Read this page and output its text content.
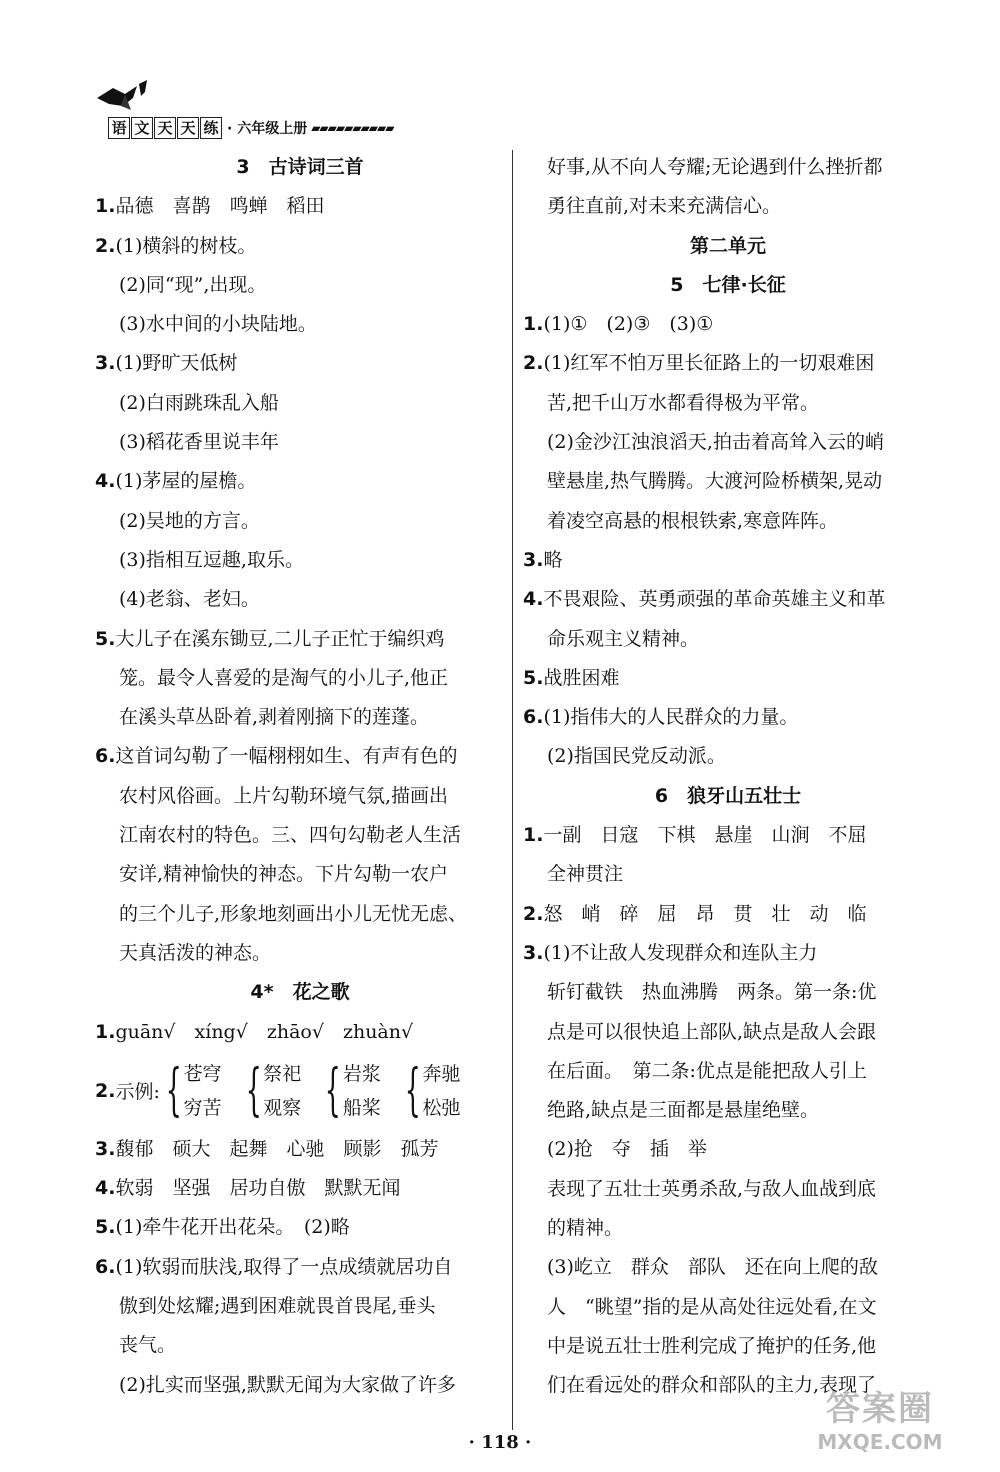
语 文 天 天 练 · 六年级上册 ▰▰▰▰▰▰▰▰▰▰
3　古诗词三首
1.品德　喜鹊　鸣蝉　稻田
2.(1)横斜的树枝。
(2)同“现”,出现。
(3)水中间的小块陆地。
3.(1)野旷天低树
(2)白雨跳珠乱入船
(3)稻花香里说丰年
4.(1)茅屋的屋檐。
(2)吴地的方言。
(3)指相互逗趣,取乐。
(4)老翁、老妇。
5.大儿子在溪东锄豆,二儿子正忙于编织鸡
笼。最令人喜爱的是淘气的小儿子,他正
在溪头草丛卧着,剥着刚摘下的莲蓬。
6.这首词勾勒了一幅栩栩如生、有声有色的
农村风俗画。上片勾勒环境气氛,描画出
江南农村的特色。三、四句勾勒老人生活
安详,精神愉快的神态。下片勾勒一农户
的三个儿子,形象地刻画出小儿无忧无虑、
天真活泼的神态。
4*　花之歌
1.guān√　xíng√　zhāo√　zhuàn√
2. 示例: { 苍穹
穷苦 { 祭祀
观察 { 岩浆
船桨 { 奔驰
松弛
3.馥郁　硕大　起舞　心驰　顾影　孤芳
4.软弱　坚强　居功自傲　默默无闻
5.(1)牵牛花开出花朵。　(2)略
6.(1)软弱而肤浅,取得了一点成绩就居功自
傲到处炫耀;遇到困难就畏首畏尾,垂头
丧气。
(2)扎实而坚强,默默无闻为大家做了许多
好事,从不向人夸耀;无论遇到什么挫折都
勇往直前,对未来充满信心。
第二单元
5　七律·长征
1.(1)①　(2)③　(3)①
2.(1)红军不怕万里长征路上的一切艰难困
苦,把千山万水都看得极为平常。
(2)金沙江浊浪滔天,拍击着高耸入云的峭
壁悬崖,热气腾腾。大渡河险桥横架,晃动
着凌空高悬的根根铁索,寒意阵阵。
3.略
4.不畏艰险、英勇顽强的革命英雄主义和革
命乐观主义精神。
5.战胜困难
6.(1)指伟大的人民群众的力量。
(2)指国民党反动派。
6　狼牙山五壮士
1.一副　日寇　下棋　悬崖　山涧　不屈
全神贯注
2.怒　峭　碎　屈　昂　贯　壮　动　临
3.(1)不让敌人发现群众和连队主力
斩钉截铁　热血沸腾　两条。第一条:优
点是可以很快追上部队,缺点是敌人会跟
在后面。　第二条:优点是能把敌人引上
绝路,缺点是三面都是悬崖绝壁。
(2)抢　夺　插　举
表现了五壮士英勇杀敌,与敌人血战到底
的精神。
(3)屹立　群众　部队　还在向上爬的敌
人　“眺望”指的是从高处往远处看,在文
中是说五壮士胜利完成了掩护的任务,他
们在看远处的群众和部队的主力,表现了
· 118 ·
答案圈
MXQE.COM
